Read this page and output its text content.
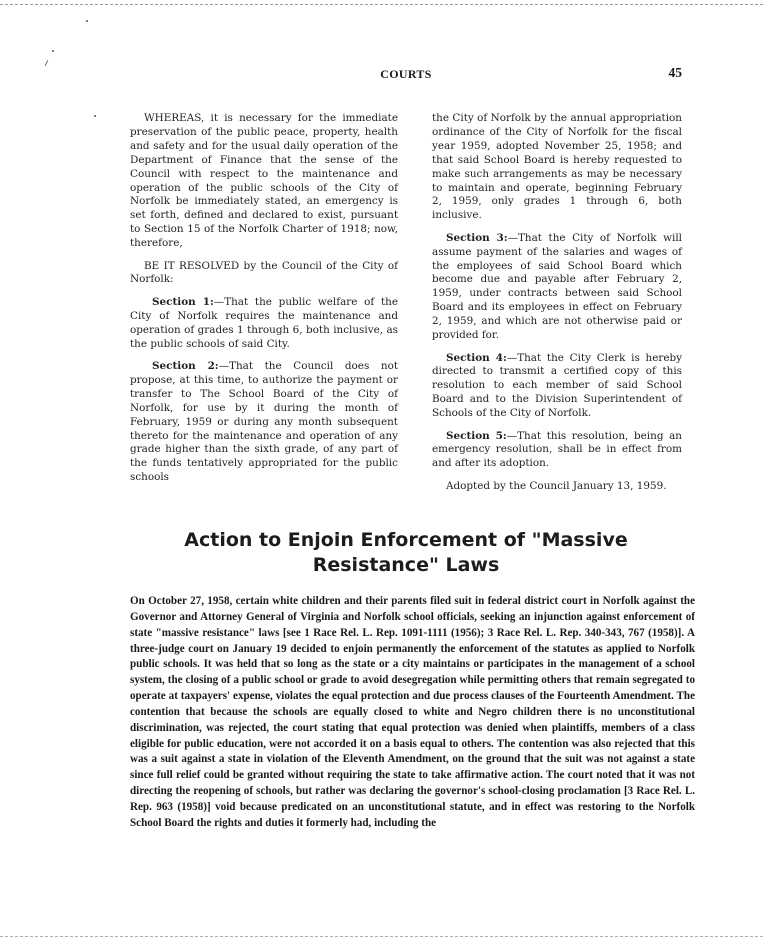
COURTS	45

WHEREAS, it is necessary for the immediate preservation of the public peace, property, health and safety and for the usual daily operation of the Department of Finance that the sense of the Council with respect to the maintenance and operation of the public schools of the City of Norfolk be immediately stated, an emergency is set forth, defined and declared to exist, pursuant to Section 15 of the Norfolk Charter of 1918; now, therefore,

BE IT RESOLVED by the Council of the City of Norfolk:

Section 1:—That the public welfare of the City of Norfolk requires the maintenance and operation of grades 1 through 6, both inclusive, as the public schools of said City.

Section 2:—That the Council does not propose, at this time, to authorize the payment or transfer to The School Board of the City of Norfolk, for use by it during the month of February, 1959 or during any month subsequent thereto for the maintenance and operation of any grade higher than the sixth grade, of any part of the funds tentatively appropriated for the public schools

the City of Norfolk by the annual appropriation ordinance of the City of Norfolk for the fiscal year 1959, adopted November 25, 1958; and that said School Board is hereby requested to make such arrangements as may be necessary to maintain and operate, beginning February 2, 1959, only grades 1 through 6, both inclusive.

Section 3:—That the City of Norfolk will assume payment of the salaries and wages of the employees of said School Board which become due and payable after February 2, 1959, under contracts between said School Board and its employees in effect on February 2, 1959, and which are not otherwise paid or provided for.

Section 4:—That the City Clerk is hereby directed to transmit a certified copy of this resolution to each member of said School Board and to the Division Superintendent of Schools of the City of Norfolk.

Section 5:—That this resolution, being an emergency resolution, shall be in effect from and after its adoption.

Adopted by the Council January 13, 1959.

Action to Enjoin Enforcement of "Massive Resistance" Laws

On October 27, 1958, certain white children and their parents filed suit in federal district court in Norfolk against the Governor and Attorney General of Virginia and Norfolk school officials, seeking an injunction against enforcement of state "massive resistance" laws [see 1 Race Rel. L. Rep. 1091-1111 (1956); 3 Race Rel. L. Rep. 340-343, 767 (1958)]. A three-judge court on January 19 decided to enjoin permanently the enforcement of the statutes as applied to Norfolk public schools. It was held that so long as the state or a city maintains or participates in the management of a school system, the closing of a public school or grade to avoid desegregation while permitting others that remain segregated to operate at taxpayers' expense, violates the equal protection and due process clauses of the Fourteenth Amendment. The contention that because the schools are equally closed to white and Negro children there is no unconstitutional discrimination, was rejected, the court stating that equal protection was denied when plaintiffs, members of a class eligible for public education, were not accorded it on a basis equal to others. The contention was also rejected that this was a suit against a state in violation of the Eleventh Amendment, on the ground that the suit was not against a state since full relief could be granted without requiring the state to take affirmative action. The court noted that it was not directing the reopening of schools, but rather was declaring the governor's school-closing proclamation [3 Race Rel. L. Rep. 963 (1958)] void because predicated on an unconstitutional statute, and in effect was restoring to the Norfolk School Board the rights and duties it formerly had, including the
